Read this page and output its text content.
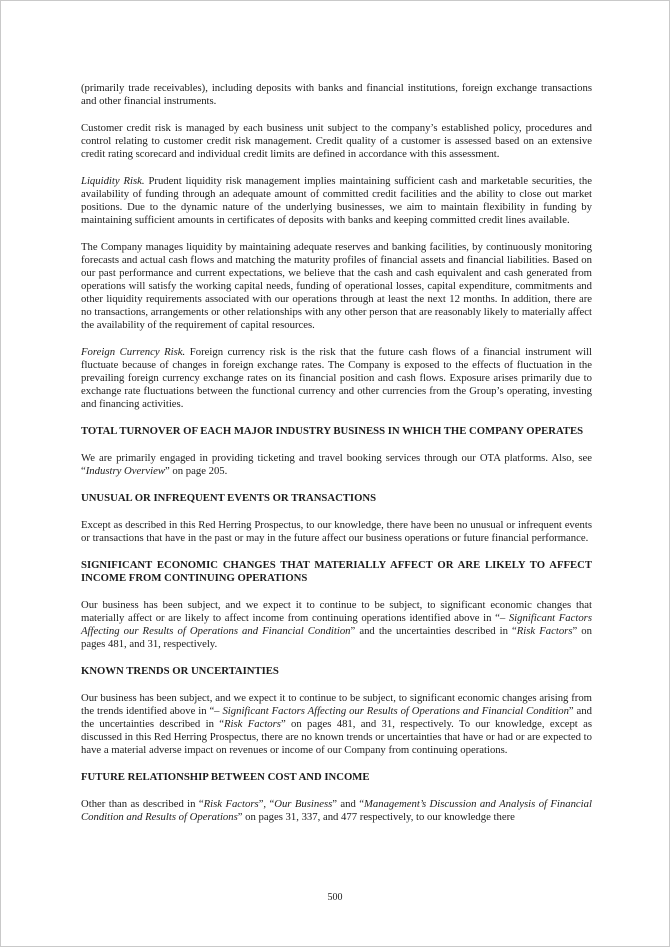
(primarily trade receivables), including deposits with banks and financial institutions, foreign exchange transactions and other financial instruments.

Customer credit risk is managed by each business unit subject to the company’s established policy, procedures and control relating to customer credit risk management. Credit quality of a customer is assessed based on an extensive credit rating scorecard and individual credit limits are defined in accordance with this assessment.

Liquidity Risk. Prudent liquidity risk management implies maintaining sufficient cash and marketable securities, the availability of funding through an adequate amount of committed credit facilities and the ability to close out market positions. Due to the dynamic nature of the underlying businesses, we aim to maintain flexibility in funding by maintaining sufficient amounts in certificates of deposits with banks and keeping committed credit lines available.

The Company manages liquidity by maintaining adequate reserves and banking facilities, by continuously monitoring forecasts and actual cash flows and matching the maturity profiles of financial assets and financial liabilities. Based on our past performance and current expectations, we believe that the cash and cash equivalent and cash generated from operations will satisfy the working capital needs, funding of operational losses, capital expenditure, commitments and other liquidity requirements associated with our operations through at least the next 12 months. In addition, there are no transactions, arrangements or other relationships with any other person that are reasonably likely to materially affect the availability of the requirement of capital resources.

Foreign Currency Risk. Foreign currency risk is the risk that the future cash flows of a financial instrument will fluctuate because of changes in foreign exchange rates. The Company is exposed to the effects of fluctuation in the prevailing foreign currency exchange rates on its financial position and cash flows. Exposure arises primarily due to exchange rate fluctuations between the functional currency and other currencies from the Group’s operating, investing and financing activities.

TOTAL TURNOVER OF EACH MAJOR INDUSTRY BUSINESS IN WHICH THE COMPANY OPERATES

We are primarily engaged in providing ticketing and travel booking services through our OTA platforms. Also, see “Industry Overview” on page 205.

UNUSUAL OR INFREQUENT EVENTS OR TRANSACTIONS

Except as described in this Red Herring Prospectus, to our knowledge, there have been no unusual or infrequent events or transactions that have in the past or may in the future affect our business operations or future financial performance.

SIGNIFICANT ECONOMIC CHANGES THAT MATERIALLY AFFECT OR ARE LIKELY TO AFFECT INCOME FROM CONTINUING OPERATIONS

Our business has been subject, and we expect it to continue to be subject, to significant economic changes that materially affect or are likely to affect income from continuing operations identified above in “– Significant Factors Affecting our Results of Operations and Financial Condition” and the uncertainties described in “Risk Factors” on pages 481, and 31, respectively.

KNOWN TRENDS OR UNCERTAINTIES

Our business has been subject, and we expect it to continue to be subject, to significant economic changes arising from the trends identified above in “– Significant Factors Affecting our Results of Operations and Financial Condition” and the uncertainties described in “Risk Factors” on pages 481, and 31, respectively. To our knowledge, except as discussed in this Red Herring Prospectus, there are no known trends or uncertainties that have or had or are expected to have a material adverse impact on revenues or income of our Company from continuing operations.

FUTURE RELATIONSHIP BETWEEN COST AND INCOME

Other than as described in “Risk Factors”, “Our Business” and “Management’s Discussion and Analysis of Financial Condition and Results of Operations” on pages 31, 337, and 477 respectively, to our knowledge there

500
